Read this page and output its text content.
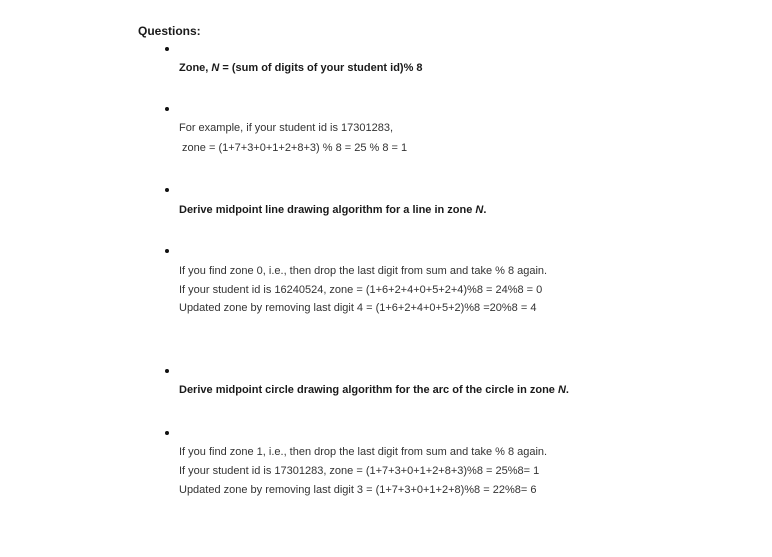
Questions:
Zone, N = (sum of digits of your student id)% 8
For example, if your student id is 17301283,
zone = (1+7+3+0+1+2+8+3) % 8 = 25 % 8 = 1
Derive midpoint line drawing algorithm for a line in zone N.
If you find zone 0, i.e., then drop the last digit from sum and take % 8 again.
If your student id is 16240524, zone = (1+6+2+4+0+5+2+4)%8 = 24%8 = 0
Updated zone by removing last digit 4 = (1+6+2+4+0+5+2)%8 =20%8 = 4
Derive midpoint circle drawing algorithm for the arc of the circle in zone N.
If you find zone 1, i.e., then drop the last digit from sum and take % 8 again.
If your student id is 17301283, zone = (1+7+3+0+1+2+8+3)%8 = 25%8= 1
Updated zone by removing last digit 3 = (1+7+3+0+1+2+8)%8 = 22%8= 6
